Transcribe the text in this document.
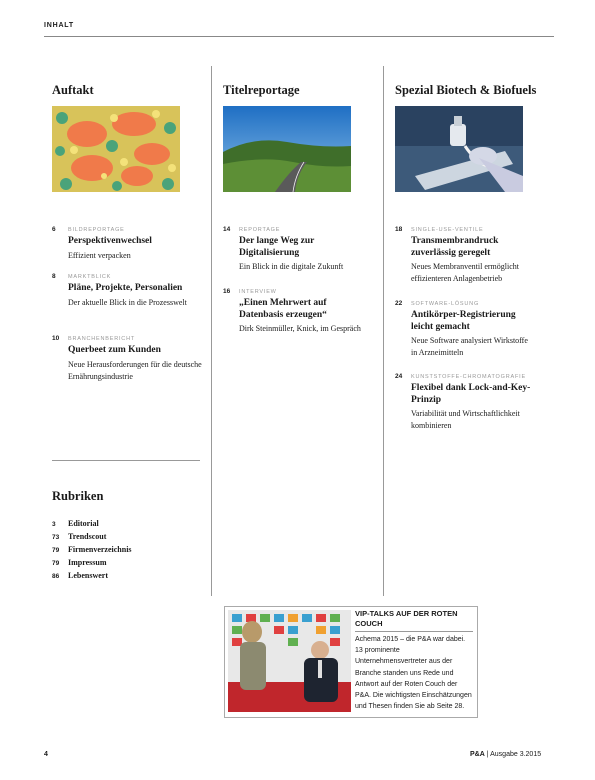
INHALT
Auftakt
6 BILDREPORTAGE
Perspektivenwechsel
Effizient verpacken
8 MARKTBLICK
Pläne, Projekte, Personalien
Der aktuelle Blick in die Prozesswelt
10 BRANCHENBERICHT
Querbeet zum Kunden
Neue Herausforderungen für die deutsche Ernährungsindustrie
Titelreportage
14 REPORTAGE
Der lange Weg zur Digitalisierung
Ein Blick in die digitale Zukunft
16 INTERVIEW
„Einen Mehrwert auf Datenbasis erzeugen“
Dirk Steinmüller, Knick, im Gespräch
Spezial Biotech & Biofuels
18 SINGLE-USE-VENTILE
Transmembrandruck zuverlässig geregelt
Neues Membranventil ermöglicht effizienteren Anlagenbetrieb
22 SOFTWARE-LÖSUNG
Antikörper-Registrierung leicht gemacht
Neue Software analysiert Wirkstoffe in Arzneimitteln
24 KUNSTSTOFFE-CHROMATOGRAFIE
Flexibel dank Lock-and-Key-Prinzip
Variabilität und Wirtschaftlichkeit kombinieren
Rubriken
3 Editorial
73 Trendscout
79 Firmenverzeichnis
79 Impressum
86 Lebenswert
VIP-TALKS AUF DER ROTEN COUCH
Achema 2015 – die P&A war dabei. 13 prominente Unternehmensvertreter aus der Branche standen uns Rede und Antwort auf der Roten Couch der P&A. Die wichtigsten Einschätzungen und Thesen finden Sie ab Seite 28.
4	P&A | Ausgabe 3.2015
